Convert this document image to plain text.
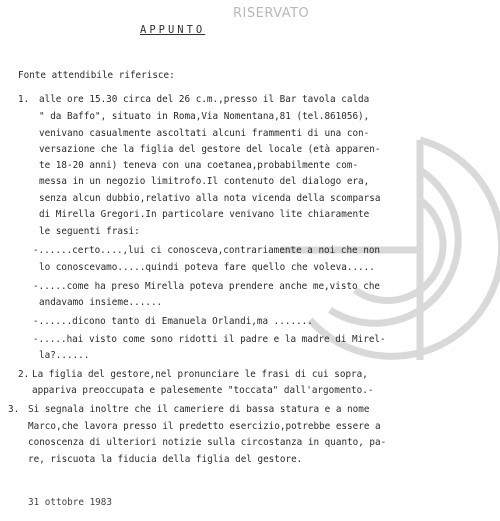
RISERVATO
APPUNTO
Fonte attendibile riferisce:
1. alle ore 15.30 circa del 26 c.m.,presso il Bar tavola calda
" da Baffo", situato in Roma,Via Nomentana,81 (tel.861056),
venivano casualmente ascoltati alcuni frammenti di una con-
versazione che la figlia del gestore del locale (età apparen-
te 18-20 anni) teneva con una coetanea,probabilmente com-
messa in un negozio limitrofo.Il contenuto del dialogo era,
senza alcun dubbio,relativo alla nota vicenda della scomparsa
di Mirella Gregori.In particolare venivano lite chiaramente
le seguenti frasi:
-......certo....,lui ci conosceva,contrariamente a noi che non
lo conoscevamo.....quindi poteva fare quello che voleva.....
-.....come ha preso Mirella poteva prendere anche me,visto che
andavamo insieme......
-......dicono tanto di Emanuela Orlandi,ma .......
-.....hai visto come sono ridotti il padre e la madre di Mirel-
la?......
2. La figlia del gestore,nel pronunciare le frasi di cui sopra,
appariva preoccupata e palesemente "toccata" dall'argomento.-
3. Si segnala inoltre che il cameriere di bassa statura e a nome
Marco,che lavora presso il predetto esercizio,potrebbe essere a
conoscenza di ulteriori notizie sulla circostanza in quanto, pa-
re, riscuota la fiducia della figlia del gestore.
31 ottobre 1983
